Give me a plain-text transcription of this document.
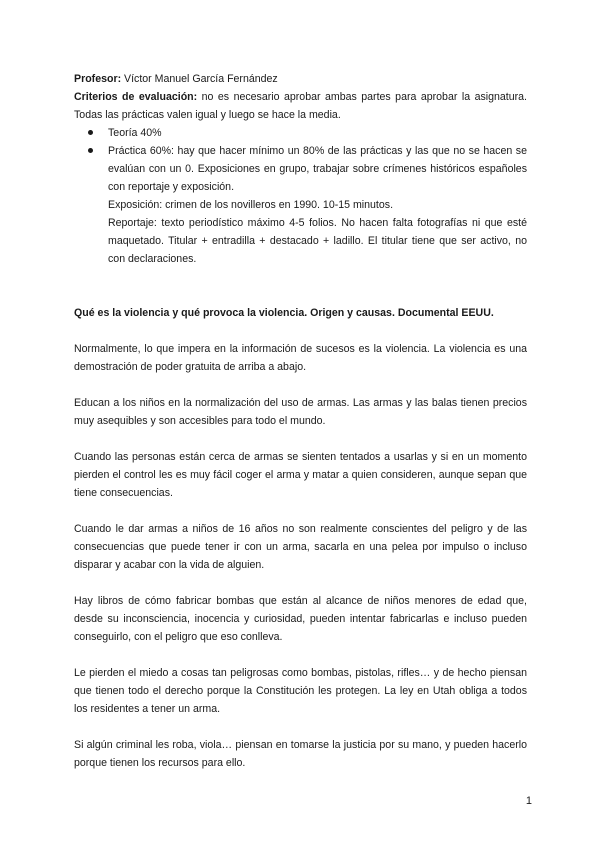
Profesor: Víctor Manuel García Fernández

Criterios de evaluación: no es necesario aprobar ambas partes para aprobar la asignatura. Todas las prácticas valen igual y luego se hace la media.

Teoría 40%
Práctica 60%: hay que hacer mínimo un 80% de las prácticas y las que no se hacen se evalúan con un 0. Exposiciones en grupo, trabajar sobre crímenes históricos españoles con reportaje y exposición.
Exposición: crimen de los novilleros en 1990. 10-15 minutos.
Reportaje: texto periodístico máximo 4-5 folios. No hacen falta fotografías ni que esté maquetado. Titular + entradilla + destacado + ladillo. El titular tiene que ser activo, no con declaraciones.

Qué es la violencia y qué provoca la violencia. Origen y causas. Documental EEUU.

Normalmente, lo que impera en la información de sucesos es la violencia. La violencia es una demostración de poder gratuita de arriba a abajo.

Educan a los niños en la normalización del uso de armas. Las armas y las balas tienen precios muy asequibles y son accesibles para todo el mundo.

Cuando las personas están cerca de armas se sienten tentados a usarlas y si en un momento pierden el control les es muy fácil coger el arma y matar a quien consideren, aunque sepan que tiene consecuencias.

Cuando le dar armas a niños de 16 años no son realmente conscientes del peligro y de las consecuencias que puede tener ir con un arma, sacarla en una pelea por impulso o incluso disparar y acabar con la vida de alguien.

Hay libros de cómo fabricar bombas que están al alcance de niños menores de edad que, desde su inconsciencia, inocencia y curiosidad, pueden intentar fabricarlas e incluso pueden conseguirlo, con el peligro que eso conlleva.

Le pierden el miedo a cosas tan peligrosas como bombas, pistolas, rifles… y de hecho piensan que tienen todo el derecho porque la Constitución les protegen. La ley en Utah obliga a todos los residentes a tener un arma.

Si algún criminal les roba, viola… piensan en tomarse la justicia por su mano, y pueden hacerlo porque tienen los recursos para ello.

1
